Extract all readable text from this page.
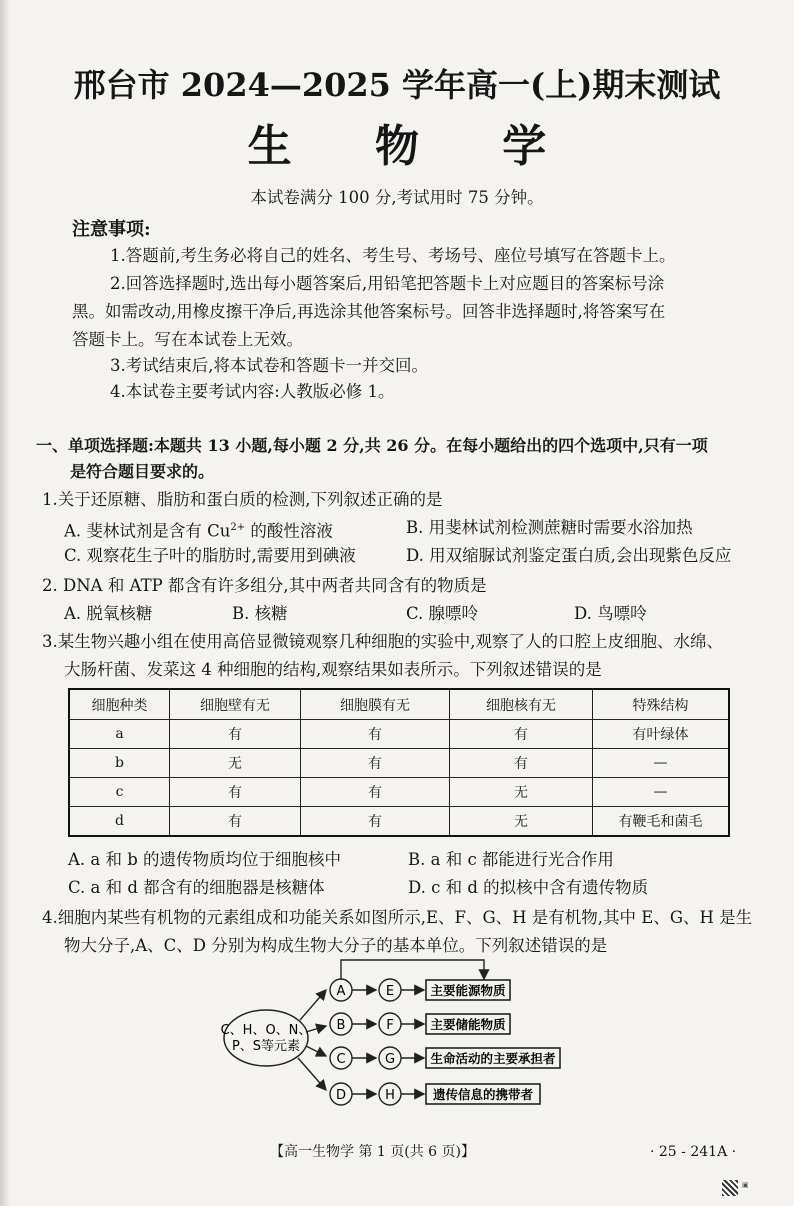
邢台市 2024—2025 学年高一(上)期末测试
生 物 学
本试卷满分 100 分,考试用时 75 分钟。
注意事项:
1.答题前,考生务必将自己的姓名、考生号、考场号、座位号填写在答题卡上。
2.回答选择题时,选出每小题答案后,用铅笔把答题卡上对应题目的答案标号涂
黑。如需改动,用橡皮擦干净后,再选涂其他答案标号。回答非选择题时,将答案写在
答题卡上。写在本试卷上无效。
3.考试结束后,将本试卷和答题卡一并交回。
4.本试卷主要考试内容:人教版必修 1。
一、单项选择题:本题共 13 小题,每小题 2 分,共 26 分。在每小题给出的四个选项中,只有一项
是符合题目要求的。
1.关于还原糖、脂肪和蛋白质的检测,下列叙述正确的是
A. 斐林试剂是含有 $Cu^{2+}$ 的酸性溶液	B. 用斐林试剂检测蔗糖时需要水浴加热
C. 观察花生子叶的脂肪时,需要用到碘液	D. 用双缩脲试剂鉴定蛋白质,会出现紫色反应
2. DNA 和 ATP 都含有许多组分,其中两者共同含有的物质是
A. 脱氧核糖	B. 核糖	C. 腺嘌呤	D. 鸟嘌呤
3.某生物兴趣小组在使用高倍显微镜观察几种细胞的实验中,观察了人的口腔上皮细胞、水绵、
大肠杆菌、发菜这 4 种细胞的结构,观察结果如表所示。下列叙述错误的是
细胞种类	细胞壁有无	细胞膜有无	细胞核有无	特殊结构
a	有	有	有	有叶绿体
b	无	有	有	—
c	有	有	无	—
d	有	有	无	有鞭毛和菌毛
A. a 和 b 的遗传物质均位于细胞核中	B. a 和 c 都能进行光合作用
C. a 和 d 都含有的细胞器是核糖体	D. c 和 d 的拟核中含有遗传物质
4.细胞内某些有机物的元素组成和功能关系如图所示,E、F、G、H 是有机物,其中 E、G、H 是生
物大分子,A、C、D 分别为构成生物大分子的基本单位。下列叙述错误的是
C、H、O、N、
P、S等元素
A
B
C
D
E
F
G
H
主要能源物质
主要储能物质
生命活动的主要承担者
遗传信息的携带者
【高一生物学 第 1 页(共 6 页)】	· 25 - 241A ·
▣
